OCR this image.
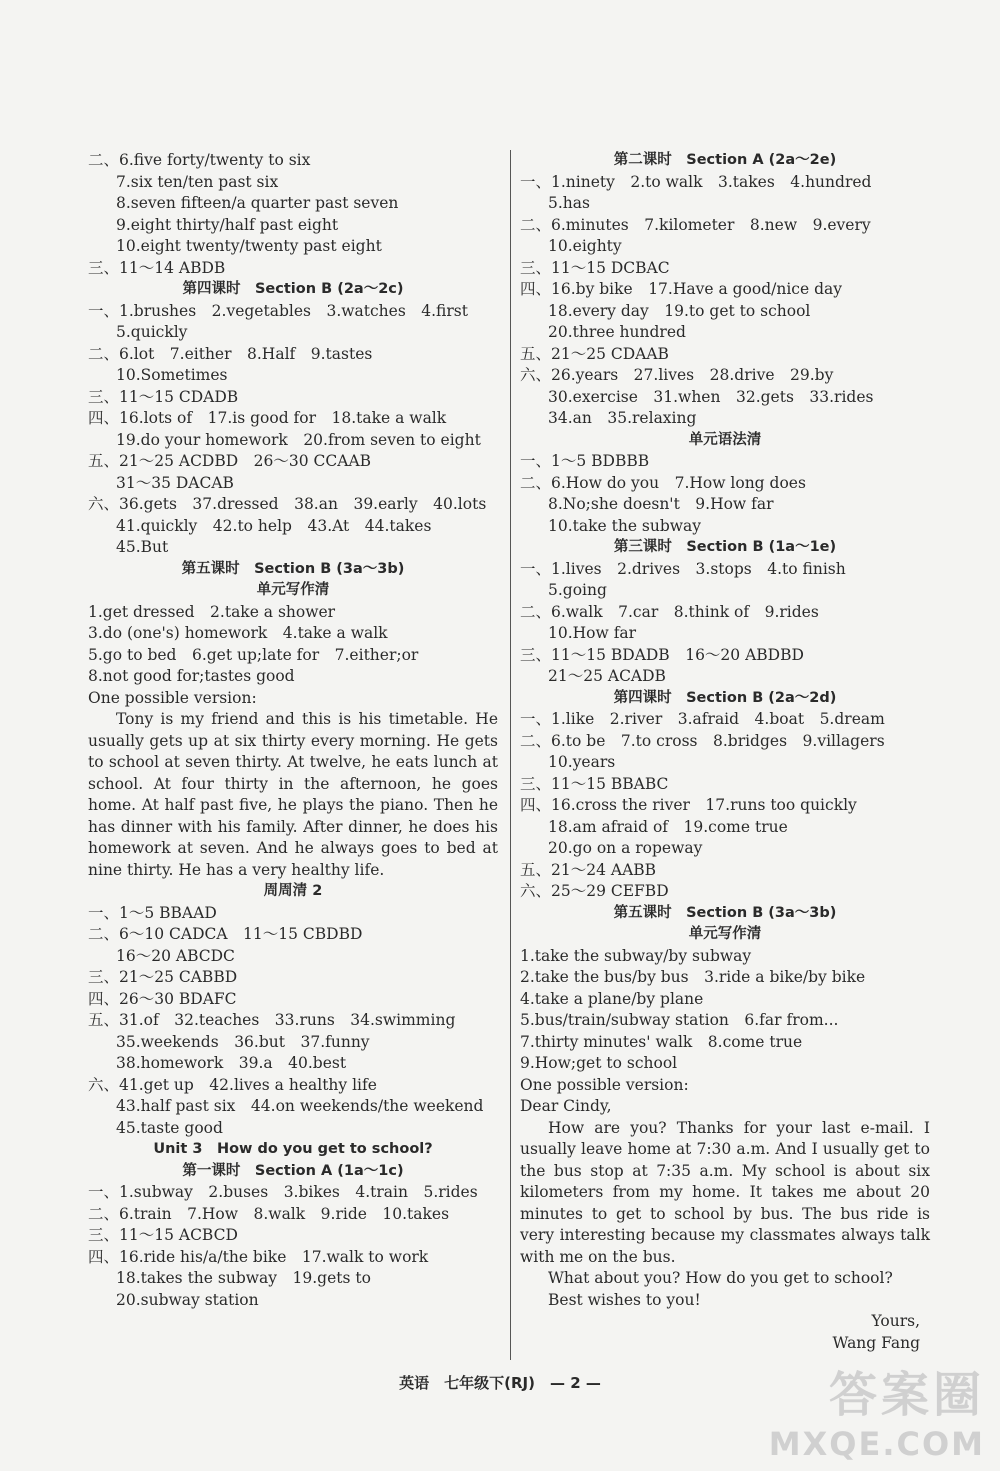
二、6.five forty/twenty to six
7.six ten/ten past six
8.seven fifteen/a quarter past seven
9.eight thirty/half past eight
10.eight twenty/twenty past eight
三、11～14 ABDB
第四课时　Section B (2a～2c)
一、1.brushes　2.vegetables　3.watches　4.first
5.quickly
二、6.lot　7.either　8.Half　9.tastes
10.Sometimes
三、11～15 CDADB
四、16.lots of　17.is good for　18.take a walk
19.do your homework　20.from seven to eight
五、21～25 ACDBD　26～30 CCAAB
31～35 DACAB
六、36.gets　37.dressed　38.an　39.early　40.lots
41.quickly　42.to help　43.At　44.takes
45.But
第五课时　Section B (3a～3b)
单元写作清
1.get dressed　2.take a shower
3.do (one's) homework　4.take a walk
5.go to bed　6.get up;late for　7.either;or
8.not good for;tastes good
One possible version:
Tony is my friend and this is his timetable. He usually gets up at six thirty every morning. He gets to school at seven thirty. At twelve, he eats lunch at school. At four thirty in the afternoon, he goes home. At half past five, he plays the piano. Then he has dinner with his family. After dinner, he does his homework at seven. And he always goes to bed at nine thirty. He has a very healthy life.
周周清 2
一、1～5 BBAAD
二、6～10 CADCA　11～15 CBDBD
16～20 ABCDC
三、21～25 CABBD
四、26～30 BDAFC
五、31.of　32.teaches　33.runs　34.swimming
35.weekends　36.but　37.funny
38.homework　39.a　40.best
六、41.get up　42.lives a healthy life
43.half past six　44.on weekends/the weekend
45.taste good
Unit 3　How do you get to school?
第一课时　Section A (1a～1c)
一、1.subway　2.buses　3.bikes　4.train　5.rides
二、6.train　7.How　8.walk　9.ride　10.takes
三、11～15 ACBCD
四、16.ride his/a/the bike　17.walk to work
18.takes the subway　19.gets to
20.subway station
第二课时　Section A (2a～2e)
一、1.ninety　2.to walk　3.takes　4.hundred
5.has
二、6.minutes　7.kilometer　8.new　9.every
10.eighty
三、11～15 DCBAC
四、16.by bike　17.Have a good/nice day
18.every day　19.to get to school
20.three hundred
五、21～25 CDAAB
六、26.years　27.lives　28.drive　29.by
30.exercise　31.when　32.gets　33.rides
34.an　35.relaxing
单元语法清
一、1～5 BDBBB
二、6.How do you　7.How long does
8.No;she doesn't　9.How far
10.take the subway
第三课时　Section B (1a～1e)
一、1.lives　2.drives　3.stops　4.to finish
5.going
二、6.walk　7.car　8.think of　9.rides
10.How far
三、11～15 BDADB　16～20 ABDBD
21～25 ACADB
第四课时　Section B (2a～2d)
一、1.like　2.river　3.afraid　4.boat　5.dream
二、6.to be　7.to cross　8.bridges　9.villagers
10.years
三、11～15 BBABC
四、16.cross the river　17.runs too quickly
18.am afraid of　19.come true
20.go on a ropeway
五、21～24 AABB
六、25～29 CEFBD
第五课时　Section B (3a～3b)
单元写作清
1.take the subway/by subway
2.take the bus/by bus　3.ride a bike/by bike
4.take a plane/by plane
5.bus/train/subway station　6.far from...
7.thirty minutes' walk　8.come true
9.How;get to school
One possible version:
Dear Cindy,
How are you? Thanks for your last e-mail. I usually leave home at 7:30 a.m. And I usually get to the bus stop at 7:35 a.m. My school is about six kilometers from my home. It takes me about 20 minutes to get to school by bus. The bus ride is very interesting because my classmates always talk with me on the bus.
What about you? How do you get to school?
Best wishes to you!
Yours,
Wang Fang
英语　七年级下(RJ)　— 2 —	答案圈
MXQE.COM
